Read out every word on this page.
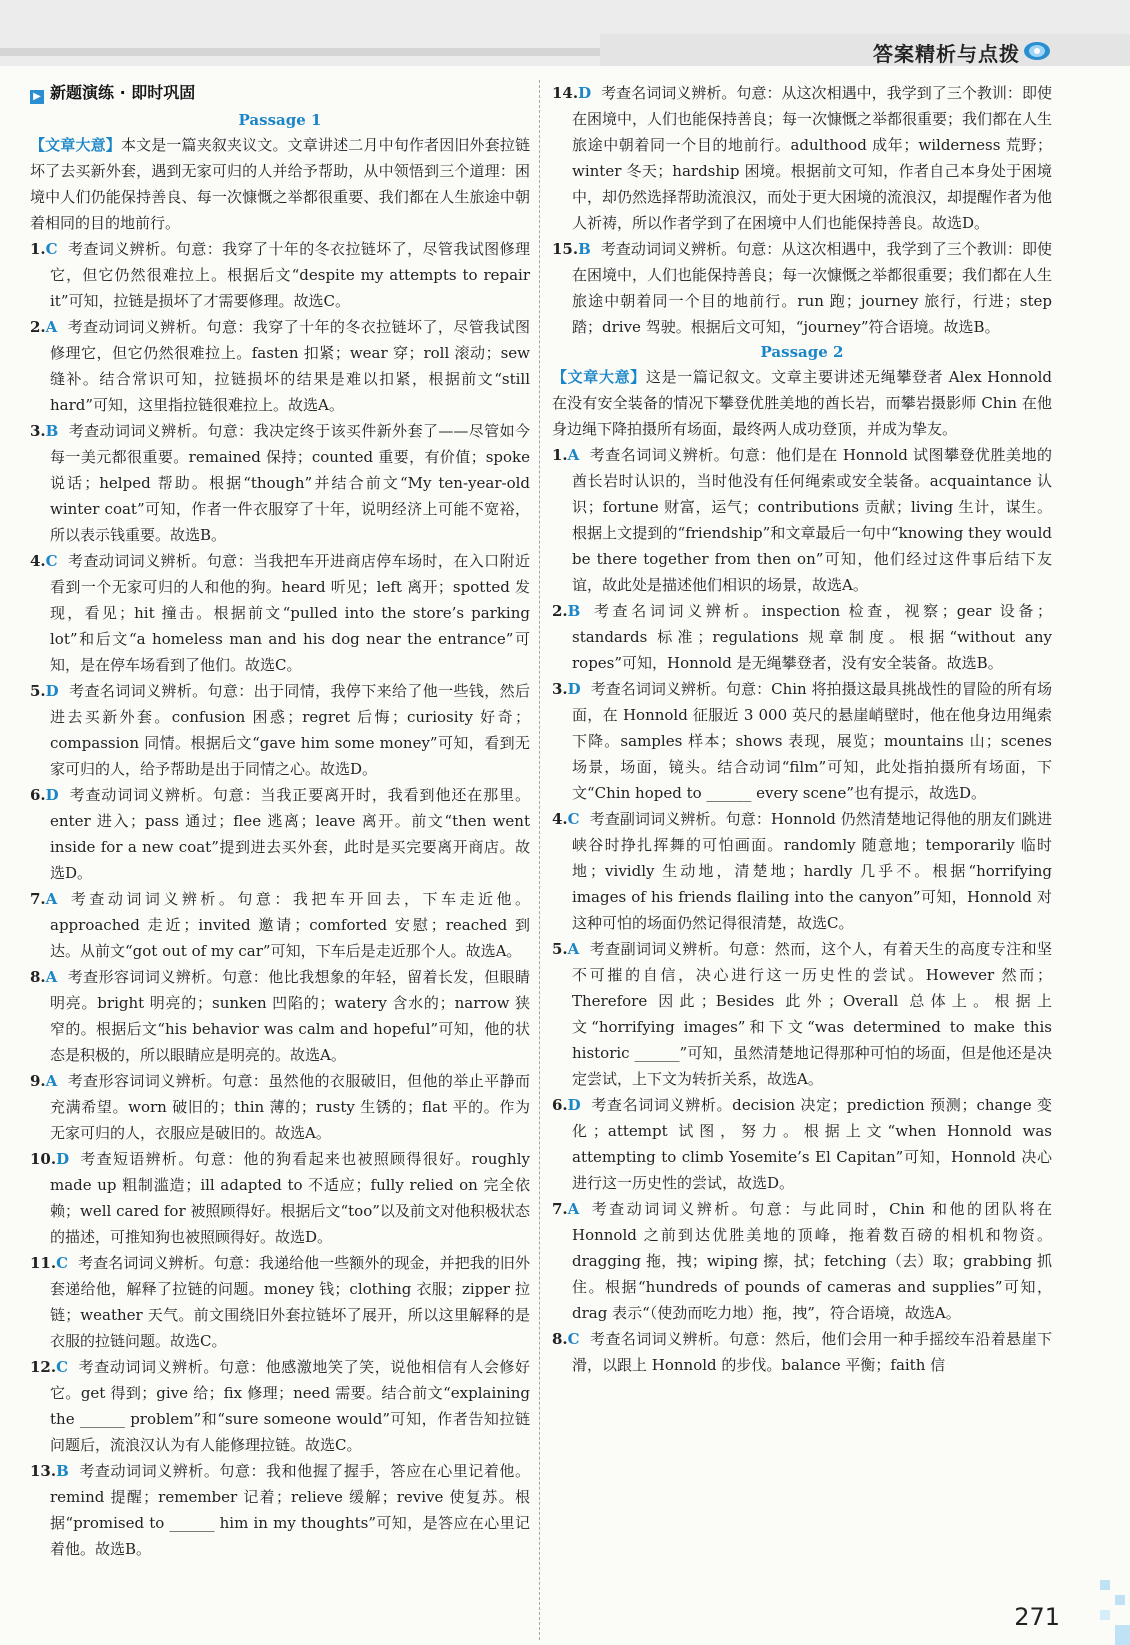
答案精析与点拨
▶ 新题演练 · 即时巩固
Passage 1

【文章大意】本文是一篇夹叙夹议文。文章讲述二月中旬作者因旧外套拉链坏了去买新外套，遇到无家可归的人并给予帮助，从中领悟到三个道理：困境中人们仍能保持善良、每一次慷慨之举都很重要、我们都在人生旅途中朝着相同的目的地前行。

1.C 考查词义辨析。句意：我穿了十年的冬衣拉链坏了，尽管我试图修理它，但它仍然很难拉上。根据后文“despite my attempts to repair it”可知，拉链是损坏了才需要修理。故选C。

2.A 考查动词词义辨析。句意：我穿了十年的冬衣拉链坏了，尽管我试图修理它，但它仍然很难拉上。fasten 扣紧；wear 穿；roll 滚动；sew 缝补。结合常识可知，拉链损坏的结果是难以扣紧，根据前文“still hard”可知，这里指拉链很难拉上。故选A。

3.B 考查动词词义辨析。句意：我决定终于该买件新外套了——尽管如今每一美元都很重要。remained 保持；counted 重要，有价值；spoke 说话；helped 帮助。根据“though”并结合前文“My ten-year-old winter coat”可知，作者一件衣服穿了十年，说明经济上可能不宽裕，所以表示钱重要。故选B。

4.C 考查动词词义辨析。句意：当我把车开进商店停车场时，在入口附近看到一个无家可归的人和他的狗。heard 听见；left 离开；spotted 发现，看见；hit 撞击。根据前文“pulled into the store’s parking lot”和后文“a homeless man and his dog near the entrance”可知，是在停车场看到了他们。故选C。

5.D 考查名词词义辨析。句意：出于同情，我停下来给了他一些钱，然后进去买新外套。confusion 困惑；regret 后悔；curiosity 好奇；compassion 同情。根据后文“gave him some money”可知，看到无家可归的人，给予帮助是出于同情之心。故选D。

6.D 考查动词词义辨析。句意：当我正要离开时，我看到他还在那里。enter 进入；pass 通过；flee 逃离；leave 离开。前文“then went inside for a new coat”提到进去买外套，此时是买完要离开商店。故选D。

7.A 考查动词词义辨析。句意：我把车开回去，下车走近他。approached 走近；invited 邀请；comforted 安慰；reached 到达。从前文“got out of my car”可知，下车后是走近那个人。故选A。

8.A 考查形容词词义辨析。句意：他比我想象的年轻，留着长发，但眼睛明亮。bright 明亮的；sunken 凹陷的；watery 含水的；narrow 狭窄的。根据后文“his behavior was calm and hopeful”可知，他的状态是积极的，所以眼睛应是明亮的。故选A。

9.A 考查形容词词义辨析。句意：虽然他的衣服破旧，但他的举止平静而充满希望。worn 破旧的；thin 薄的；rusty 生锈的；flat 平的。作为无家可归的人，衣服应是破旧的。故选A。

10.D 考查短语辨析。句意：他的狗看起来也被照顾得很好。roughly made up 粗制滥造；ill adapted to 不适应；fully relied on 完全依赖；well cared for 被照顾得好。根据后文“too”以及前文对他积极状态的描述，可推知狗也被照顾得好。故选D。

11.C 考查名词词义辨析。句意：我递给他一些额外的现金，并把我的旧外套递给他，解释了拉链的问题。money 钱；clothing 衣服；zipper 拉链；weather 天气。前文围绕旧外套拉链坏了展开，所以这里解释的是衣服的拉链问题。故选C。

12.C 考查动词词义辨析。句意：他感激地笑了笑，说他相信有人会修好它。get 得到；give 给；fix 修理；need 需要。结合前文“explaining the ______ problem”和“sure someone would”可知，作者告知拉链问题后，流浪汉认为有人能修理拉链。故选C。

13.B 考查动词词义辨析。句意：我和他握了握手，答应在心里记着他。remind 提醒；remember 记着；relieve 缓解；revive 使复苏。根据“promised to ______ him in my thoughts”可知，是答应在心里记着他。故选B。

14.D 考查名词词义辨析。句意：从这次相遇中，我学到了三个教训：即使在困境中，人们也能保持善良；每一次慷慨之举都很重要；我们都在人生旅途中朝着同一个目的地前行。adulthood 成年；wilderness 荒野；winter 冬天；hardship 困境。根据前文可知，作者自己本身处于困境中，却仍然选择帮助流浪汉，而处于更大困境的流浪汉，却提醒作者为他人祈祷，所以作者学到了在困境中人们也能保持善良。故选D。

15.B 考查动词词义辨析。句意：从这次相遇中，我学到了三个教训：即使在困境中，人们也能保持善良；每一次慷慨之举都很重要；我们都在人生旅途中朝着同一个目的地前行。run 跑；journey 旅行，行进；step 踏；drive 驾驶。根据后文可知，“journey”符合语境。故选B。

Passage 2

【文章大意】这是一篇记叙文。文章主要讲述无绳攀登者 Alex Honnold 在没有安全装备的情况下攀登优胜美地的酋长岩，而攀岩摄影师 Chin 在他身边绳下降拍摄所有场面，最终两人成功登顶，并成为挚友。

1.A 考查名词词义辨析。句意：他们是在 Honnold 试图攀登优胜美地的酋长岩时认识的，当时他没有任何绳索或安全装备。acquaintance 认识；fortune 财富，运气；contributions 贡献；living 生计，谋生。根据上文提到的“friendship”和文章最后一句中“knowing they would be there together from then on”可知，他们经过这件事后结下友谊，故此处是描述他们相识的场景，故选A。

2.B 考查名词词义辨析。inspection 检查，视察；gear 设备；standards 标准；regulations 规章制度。根据“without any ropes”可知，Honnold 是无绳攀登者，没有安全装备。故选B。

3.D 考查名词词义辨析。句意：Chin 将拍摄这最具挑战性的冒险的所有场面，在 Honnold 征服近 3 000 英尺的悬崖峭壁时，他在他身边用绳索下降。samples 样本；shows 表现，展览；mountains 山；scenes 场景，场面，镜头。结合动词“film”可知，此处指拍摄所有场面，下文“Chin hoped to ______ every scene”也有提示，故选D。

4.C 考查副词词义辨析。句意：Honnold 仍然清楚地记得他的朋友们跳进峡谷时挣扎挥舞的可怕画面。randomly 随意地；temporarily 临时地；vividly 生动地，清楚地；hardly 几乎不。根据“horrifying images of his friends flailing into the canyon”可知，Honnold 对这种可怕的场面仍然记得很清楚，故选C。

5.A 考查副词词义辨析。句意：然而，这个人，有着天生的高度专注和坚不可摧的自信，决心进行这一历史性的尝试。However 然而；Therefore 因此；Besides 此外；Overall 总体上。根据上文“horrifying images”和下文“was determined to make this historic ______”可知，虽然清楚地记得那种可怕的场面，但是他还是决定尝试，上下文为转折关系，故选A。

6.D 考查名词词义辨析。decision 决定；prediction 预测；change 变化；attempt 试图，努力。根据上文“when Honnold was attempting to climb Yosemite’s El Capitan”可知，Honnold 决心进行这一历史性的尝试，故选D。

7.A 考查动词词义辨析。句意：与此同时，Chin 和他的团队将在 Honnold 之前到达优胜美地的顶峰，拖着数百磅的相机和物资。dragging 拖，拽；wiping 擦，拭；fetching（去）取；grabbing 抓住。根据“hundreds of pounds of cameras and supplies”可知，drag 表示“（使劲而吃力地）拖，拽”，符合语境，故选A。

8.C 考查名词词义辨析。句意：然后，他们会用一种手摇绞车沿着悬崖下滑，以跟上 Honnold 的步伐。balance 平衡；faith 信

271
